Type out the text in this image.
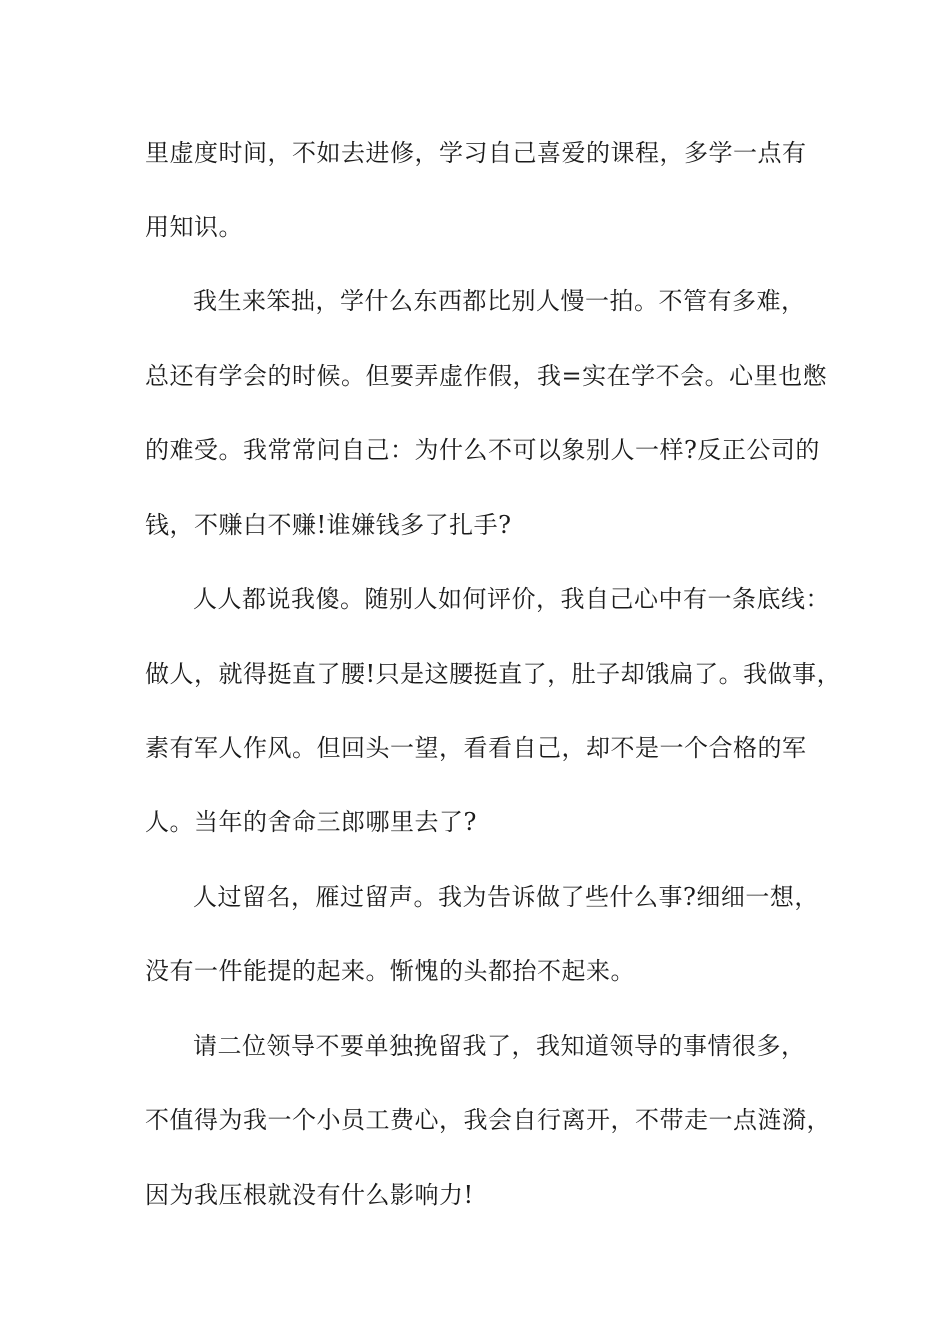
里虚度时间，不如去进修，学习自己喜爱的课程，多学一点有
用知识。
我生来笨拙，学什么东西都比别人慢一拍。不管有多难，
总还有学会的时候。但要弄虚作假，我=实在学不会。心里也憋
的难受。我常常问自己：为什么不可以象别人一样?反正公司的
钱，不赚白不赚!谁嫌钱多了扎手?
人人都说我傻。随别人如何评价，我自己心中有一条底线：
做人，就得挺直了腰!只是这腰挺直了，肚子却饿扁了。我做事，
素有军人作风。但回头一望，看看自己，却不是一个合格的军
人。当年的舍命三郎哪里去了?
人过留名，雁过留声。我为告诉做了些什么事?细细一想，
没有一件能提的起来。惭愧的头都抬不起来。
请二位领导不要单独挽留我了，我知道领导的事情很多，
不值得为我一个小员工费心，我会自行离开，不带走一点涟漪，
因为我压根就没有什么影响力!
